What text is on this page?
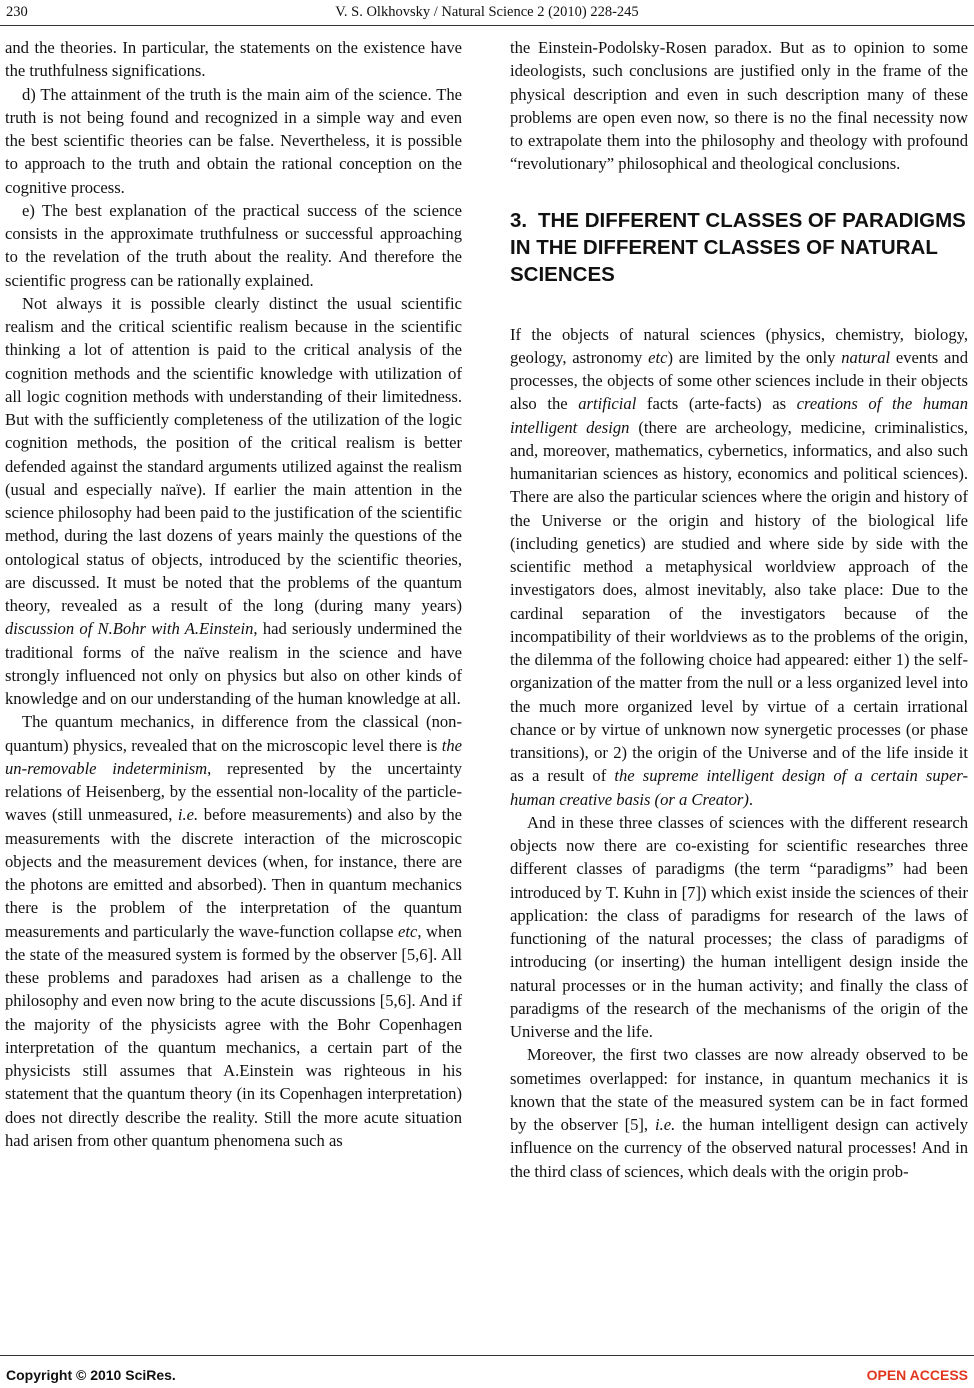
230	V. S. Olkhovsky / Natural Science 2 (2010) 228-245

and the theories. In particular, the statements on the existence have the truthfulness significations.

d) The attainment of the truth is the main aim of the science. The truth is not being found and recognized in a simple way and even the best scientific theories can be false. Nevertheless, it is possible to approach to the truth and obtain the rational conception on the cognitive process.

e) The best explanation of the practical success of the science consists in the approximate truthfulness or successful approaching to the revelation of the truth about the reality. And therefore the scientific progress can be rationally explained.

Not always it is possible clearly distinct the usual scientific realism and the critical scientific realism because in the scientific thinking a lot of attention is paid to the critical analysis of the cognition methods and the scientific knowledge with utilization of all logic cognition methods with understanding of their limitedness. But with the sufficiently completeness of the utilization of the logic cognition methods, the position of the critical realism is better defended against the standard arguments utilized against the realism (usual and especially naïve). If earlier the main attention in the science philosophy had been paid to the justification of the scientific method, during the last dozens of years mainly the questions of the ontological status of objects, introduced by the scientific theories, are discussed. It must be noted that the problems of the quantum theory, revealed as a result of the long (during many years) discussion of N.Bohr with A.Einstein, had seriously undermined the traditional forms of the naïve realism in the science and have strongly influenced not only on physics but also on other kinds of knowledge and on our understanding of the human knowledge at all.

The quantum mechanics, in difference from the classical (non-quantum) physics, revealed that on the microscopic level there is the un-removable indeterminism, represented by the uncertainty relations of Heisenberg, by the essential non-locality of the particle-waves (still unmeasured, i.e. before measurements) and also by the measurements with the discrete interaction of the microscopic objects and the measurement devices (when, for instance, there are the photons are emitted and absorbed). Then in quantum mechanics there is the problem of the interpretation of the quantum measurements and particularly the wave-function collapse etc, when the state of the measured system is formed by the observer [5,6]. All these problems and paradoxes had arisen as a challenge to the philosophy and even now bring to the acute discussions [5,6]. And if the majority of the physicists agree with the Bohr Copenhagen interpretation of the quantum mechanics, a certain part of the physicists still assumes that A.Einstein was righteous in his statement that the quantum theory (in its Copenhagen interpretation) does not directly describe the reality. Still the more acute situation had arisen from other quantum phenomena such as

the Einstein-Podolsky-Rosen paradox. But as to opinion to some ideologists, such conclusions are justified only in the frame of the physical description and even in such description many of these problems are open even now, so there is no the final necessity now to extrapolate them into the philosophy and theology with profound “revolutionary” philosophical and theological conclusions.

3. THE DIFFERENT CLASSES OF PARADIGMS IN THE DIFFERENT CLASSES OF NATURAL SCIENCES

If the objects of natural sciences (physics, chemistry, biology, geology, astronomy etc) are limited by the only natural events and processes, the objects of some other sciences include in their objects also the artificial facts (arte-facts) as creations of the human intelligent design (there are archeology, medicine, criminalistics, and, moreover, mathematics, cybernetics, informatics, and also such humanitarian sciences as history, economics and political sciences). There are also the particular sciences where the origin and history of the Universe or the origin and history of the biological life (including genetics) are studied and where side by side with the scientific method a metaphysical worldview approach of the investigators does, almost inevitably, also take place: Due to the cardinal separation of the investigators because of the incompatibility of their worldviews as to the problems of the origin, the dilemma of the following choice had appeared: either 1) the self-organization of the matter from the null or a less organized level into the much more organized level by virtue of a certain irrational chance or by virtue of unknown now synergetic processes (or phase transitions), or 2) the origin of the Universe and of the life inside it as a result of the supreme intelligent design of a certain super-human creative basis (or a Creator).

And in these three classes of sciences with the different research objects now there are co-existing for scientific researches three different classes of paradigms (the term “paradigms” had been introduced by T. Kuhn in [7]) which exist inside the sciences of their application: the class of paradigms for research of the laws of functioning of the natural processes; the class of paradigms of introducing (or inserting) the human intelligent design inside the natural processes or in the human activity; and finally the class of paradigms of the research of the mechanisms of the origin of the Universe and the life.

Moreover, the first two classes are now already observed to be sometimes overlapped: for instance, in quantum mechanics it is known that the state of the measured system can be in fact formed by the observer [5], i.e. the human intelligent design can actively influence on the currency of the observed natural processes! And in the third class of sciences, which deals with the origin prob-

Copyright © 2010 SciRes.	OPEN ACCESS
